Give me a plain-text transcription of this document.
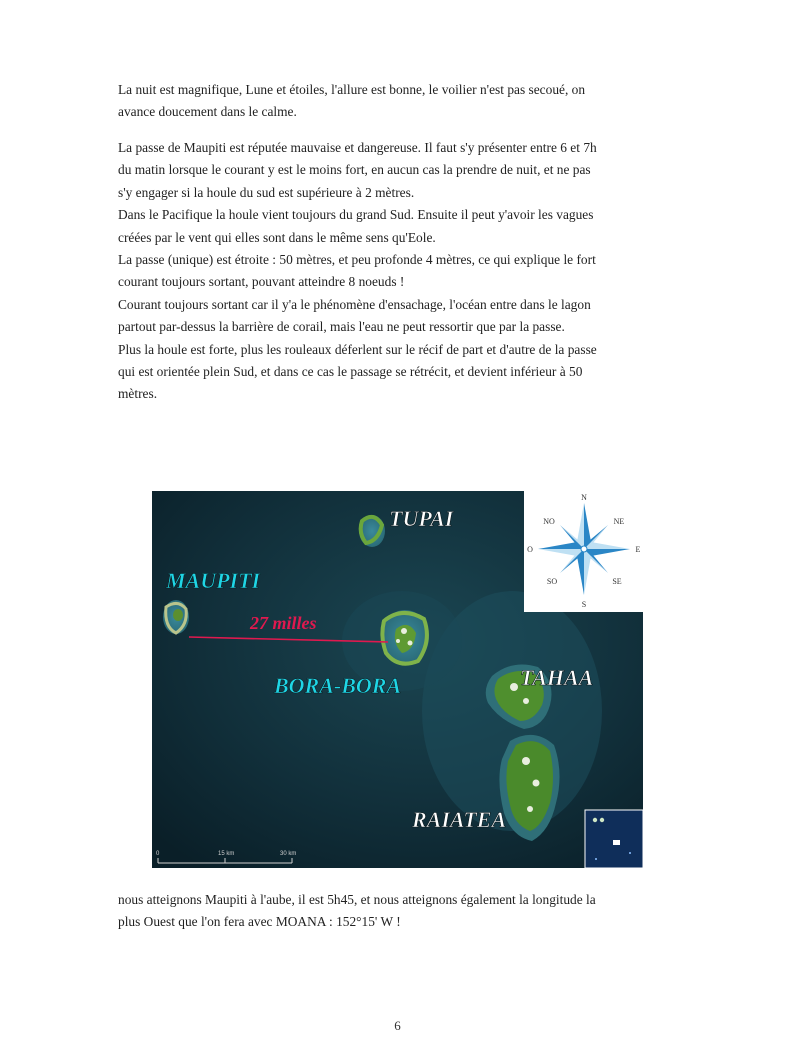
La nuit est magnifique, Lune et étoiles, l'allure est bonne, le voilier n'est pas secoué, on
avance doucement dans le calme.

La passe de Maupiti est réputée mauvaise et dangereuse. Il faut s'y présenter entre 6 et 7h
du matin lorsque le courant y est le moins fort, en aucun cas la prendre de nuit, et ne pas
s'y engager si la houle du sud est supérieure à 2 mètres.
Dans le Pacifique la houle vient toujours du grand Sud. Ensuite il peut y'avoir les vagues
créées par le vent qui elles sont dans le même sens qu'Eole.
La passe (unique) est étroite : 50 mètres, et peu profonde 4 mètres, ce qui explique le fort
courant toujours sortant, pouvant atteindre 8 noeuds !
Courant toujours sortant car il y'a le phénomène d'ensachage, l'océan entre dans le lagon
partout par-dessus la barrière de corail, mais l'eau ne peut ressortir que par la passe.
Plus la houle est forte, plus les rouleaux déferlent sur le récif de part et d'autre de la passe
qui est orientée plein Sud, et dans ce cas le passage se rétrécit, et devient inférieur à 50
mètres.

TUPAI
MAUPITI
27 milles
BORA-BORA	TAHAA
RAIATEA
N
S
E
O
NE
NO
SE
SO
0	15 km	30 km

nous atteignons Maupiti à l'aube, il est 5h45, et nous atteignons également la longitude la
plus Ouest que l'on fera avec MOANA : 152°15' W !

6
